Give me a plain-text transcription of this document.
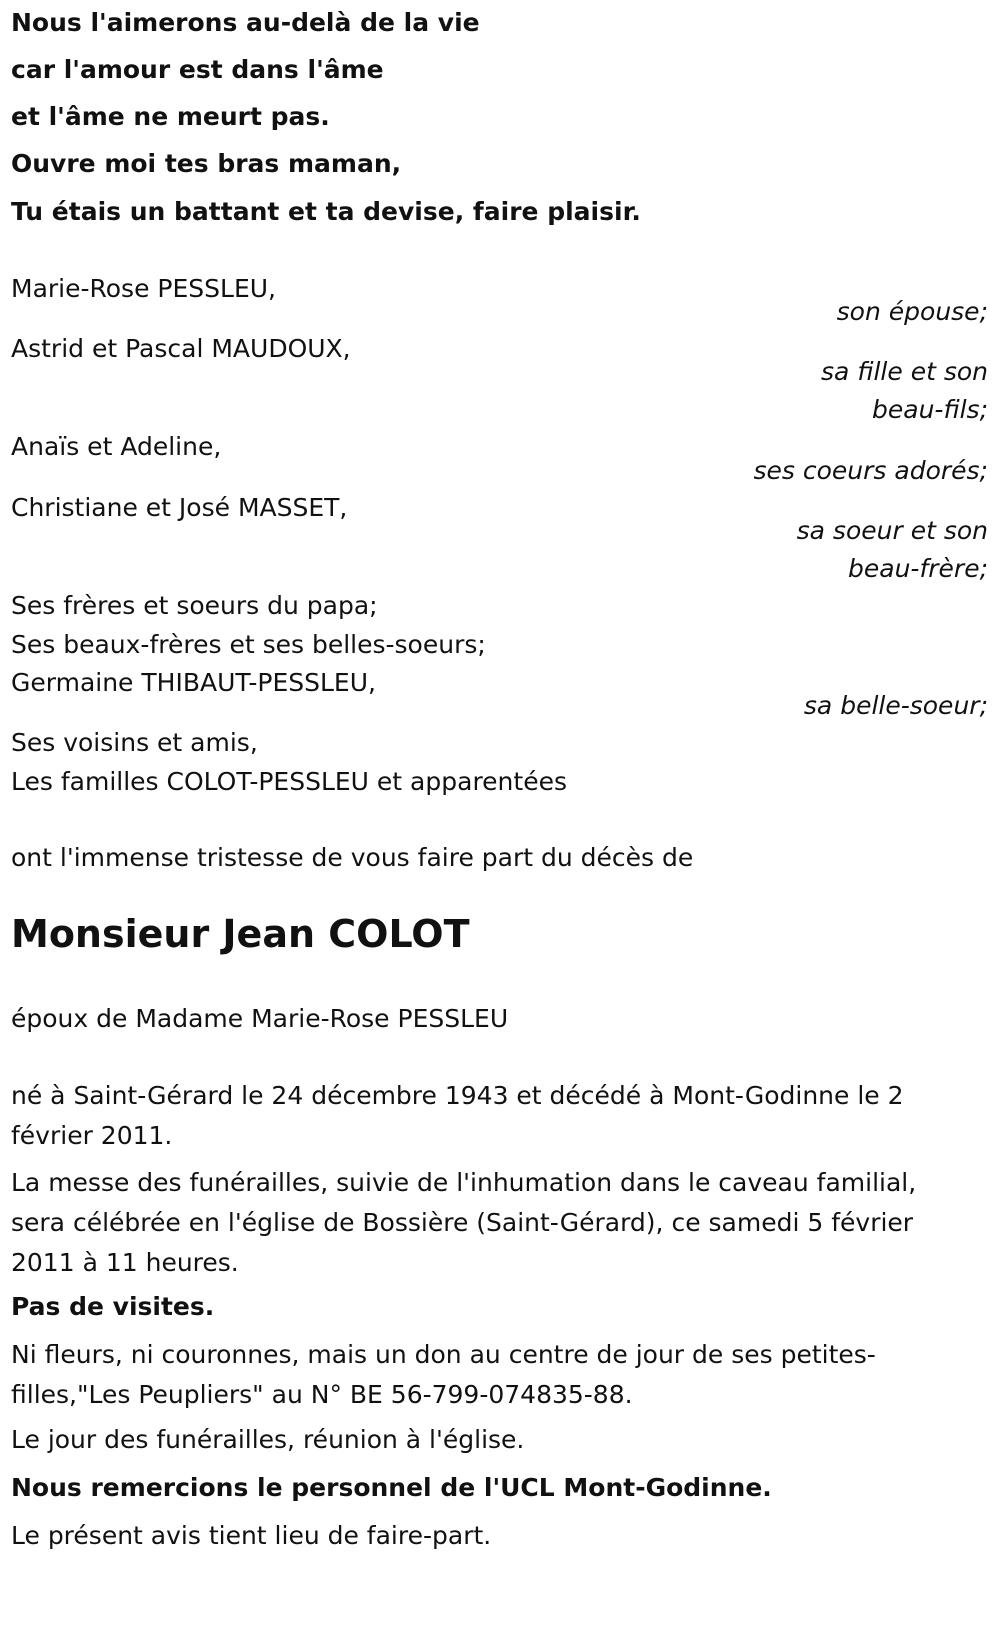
Nous l'aimerons au-delà de la vie
car l'amour est dans l'âme
et l'âme ne meurt pas.
Ouvre moi tes bras maman,
Tu étais un battant et ta devise, faire plaisir.
Marie-Rose PESSLEU,
son épouse;
Astrid et Pascal MAUDOUX,
sa fille et son
beau-fils;
Anaïs et Adeline,
ses coeurs adorés;
Christiane et José MASSET,
sa soeur et son
beau-frère;
Ses frères et soeurs du papa;
Ses beaux-frères et ses belles-soeurs;
Germaine THIBAUT-PESSLEU,
sa belle-soeur;
Ses voisins et amis,
Les familles COLOT-PESSLEU et apparentées
ont l'immense tristesse de vous faire part du décès de
Monsieur Jean COLOT
époux de Madame Marie-Rose PESSLEU
né à Saint-Gérard le 24 décembre 1943 et décédé à Mont-Godinne le 2 février 2011.
La messe des funérailles, suivie de l'inhumation dans le caveau familial, sera célébrée en l'église de Bossière (Saint-Gérard), ce samedi 5 février 2011 à 11 heures.
Pas de visites.
Ni fleurs, ni couronnes, mais un don au centre de jour de ses petites-filles,"Les Peupliers" au N° BE 56-799-074835-88.
Le jour des funérailles, réunion à l'église.
Nous remercions le personnel de l'UCL Mont-Godinne.
Le présent avis tient lieu de faire-part.
